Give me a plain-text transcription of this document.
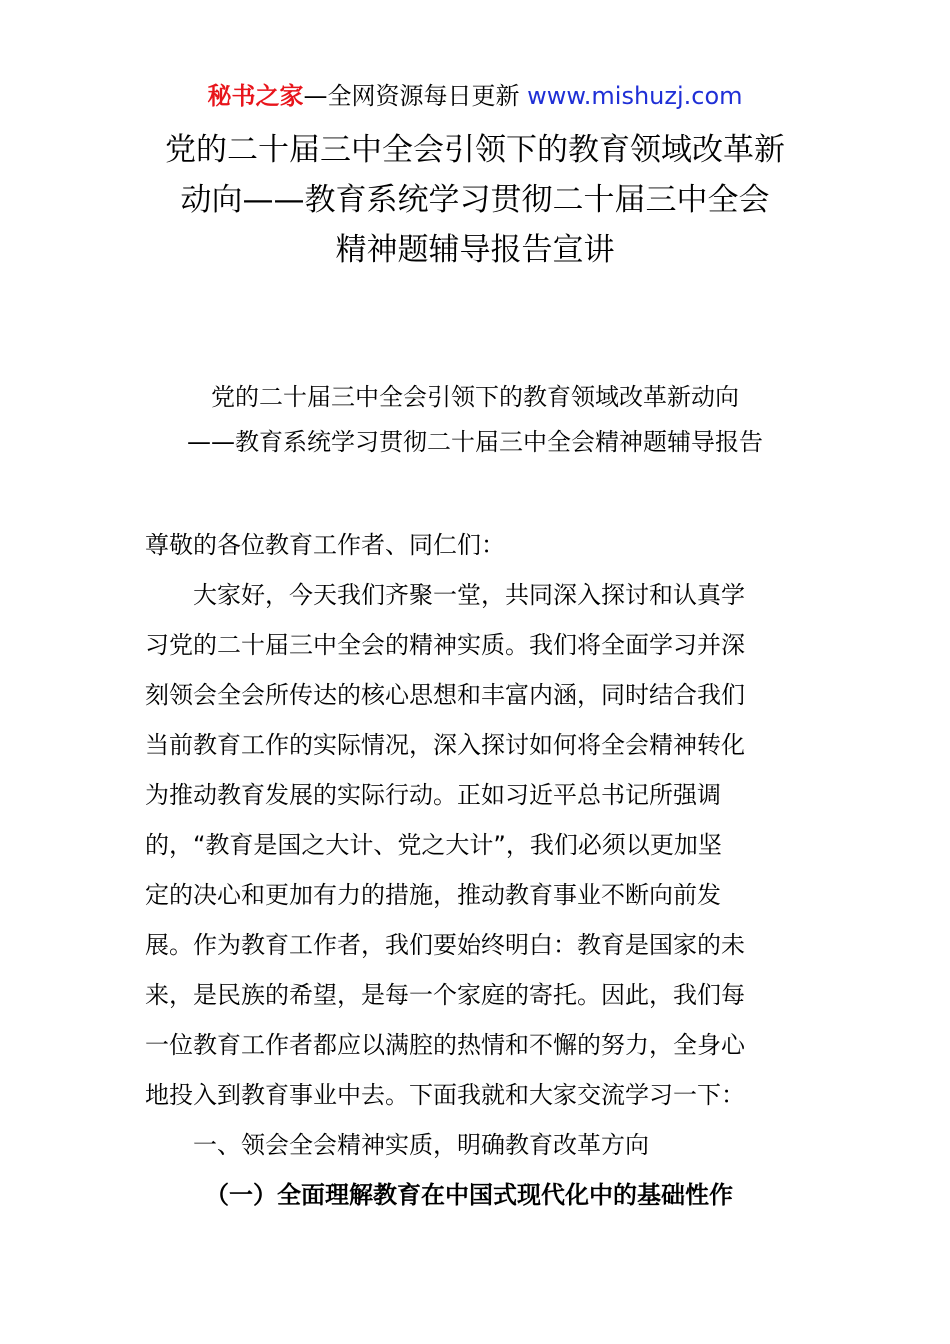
秘书之家—全网资源每日更新 www.mishuzj.com
党的二十届三中全会引领下的教育领域改革新
动向——教育系统学习贯彻二十届三中全会
精神题辅导报告宣讲
党的二十届三中全会引领下的教育领域改革新动向
——教育系统学习贯彻二十届三中全会精神题辅导报告
尊敬的各位教育工作者、同仁们：
大家好，今天我们齐聚一堂，共同深入探讨和认真学
习党的二十届三中全会的精神实质。我们将全面学习并深
刻领会全会所传达的核心思想和丰富内涵，同时结合我们
当前教育工作的实际情况，深入探讨如何将全会精神转化
为推动教育发展的实际行动。正如习近平总书记所强调
的，“教育是国之大计、党之大计”，我们必须以更加坚
定的决心和更加有力的措施，推动教育事业不断向前发
展。作为教育工作者，我们要始终明白：教育是国家的未
来，是民族的希望，是每一个家庭的寄托。因此，我们每
一位教育工作者都应以满腔的热情和不懈的努力，全身心
地投入到教育事业中去。下面我就和大家交流学习一下：
一、领会全会精神实质，明确教育改革方向
（一）全面理解教育在中国式现代化中的基础性作
